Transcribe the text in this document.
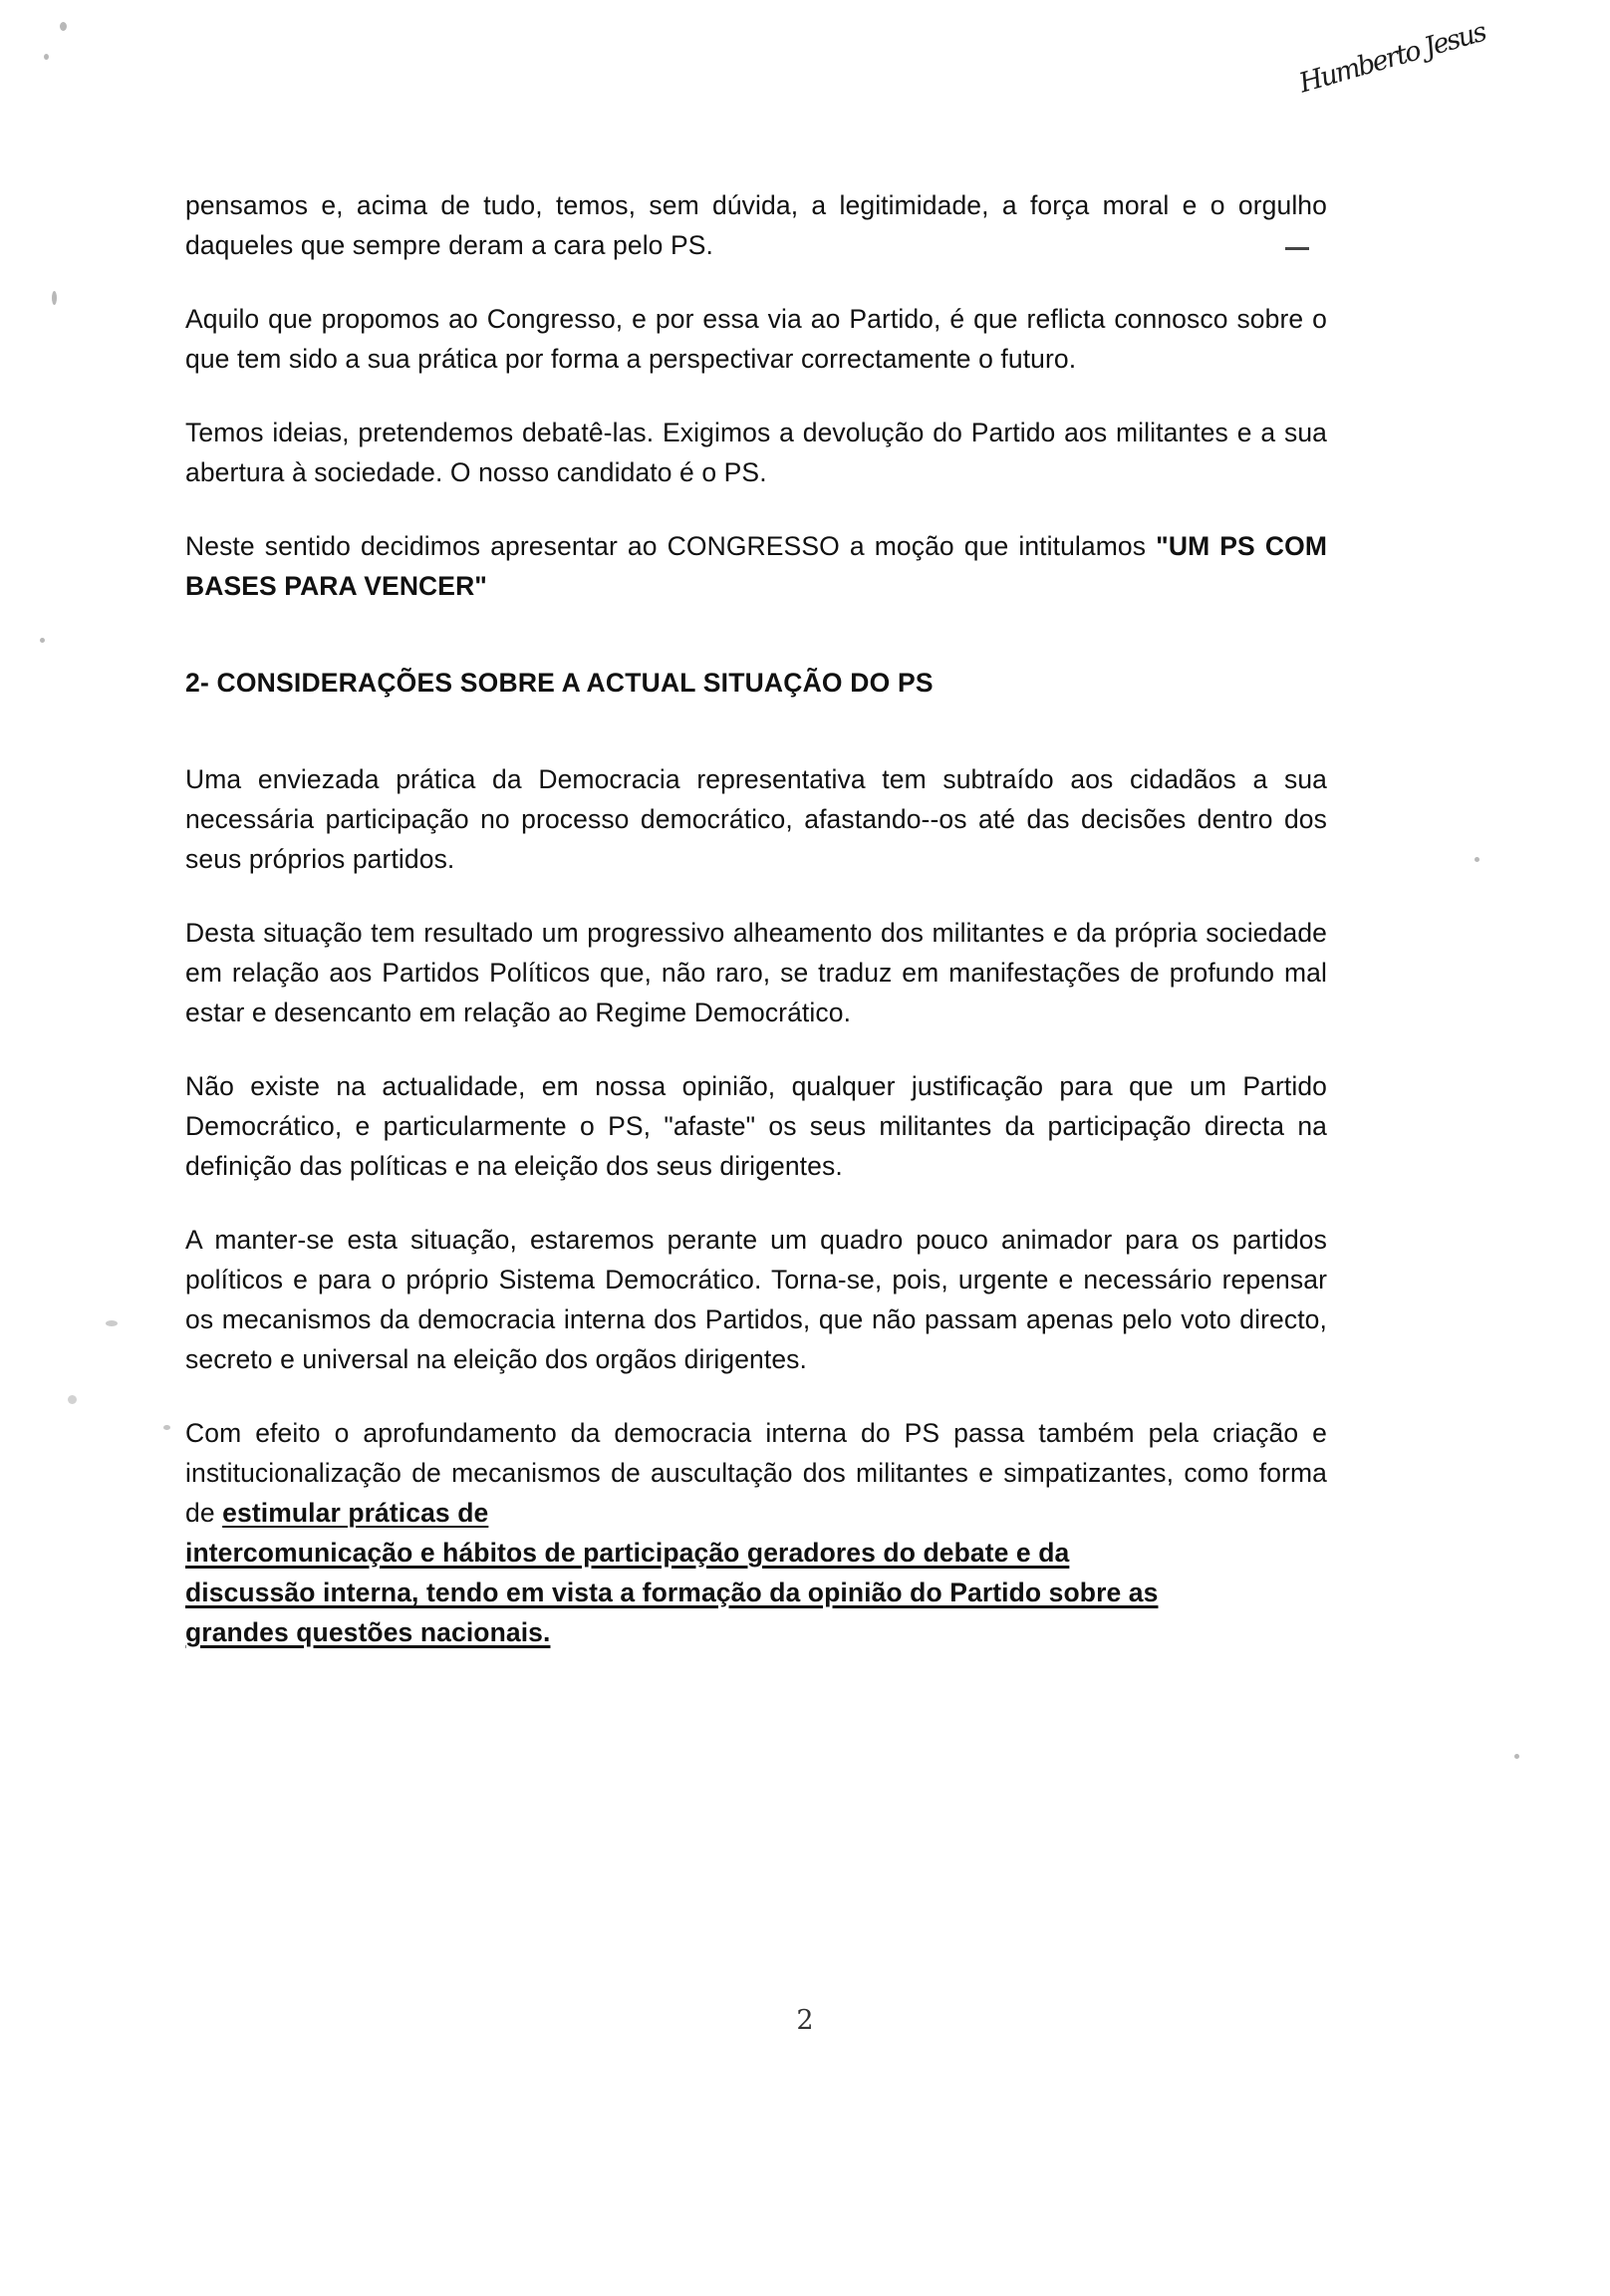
Humberto Jesus

pensamos e, acima de tudo, temos, sem dúvida, a legitimidade, a força moral e o orgulho daqueles que sempre deram a cara pelo PS.

Aquilo que propomos ao Congresso, e por essa via ao Partido, é que reflicta connosco sobre o que tem sido a sua prática por forma a perspectivar correctamente o futuro.

Temos ideias, pretendemos debatê-las. Exigimos a devolução do Partido aos militantes e a sua abertura à sociedade. O nosso candidato é o PS.

Neste sentido decidimos apresentar ao CONGRESSO a moção que intitulamos "UM PS COM BASES PARA VENCER"

2- CONSIDERAÇÕES SOBRE A ACTUAL SITUAÇÃO DO PS

Uma enviezada prática da Democracia representativa tem subtraído aos cidadãos a sua necessária participação no processo democrático, afastando--os até das decisões dentro dos seus próprios partidos.

Desta situação tem resultado um progressivo alheamento dos militantes e da própria sociedade em relação aos Partidos Políticos que, não raro, se traduz em manifestações de profundo mal estar e desencanto em relação ao Regime Democrático.

Não existe na actualidade, em nossa opinião, qualquer justificação para que um Partido Democrático, e particularmente o PS, "afaste" os seus militantes da participação directa na definição das políticas e na eleição dos seus dirigentes.

A manter-se esta situação, estaremos perante um quadro pouco animador para os partidos políticos e para o próprio Sistema Democrático. Torna-se, pois, urgente e necessário repensar os mecanismos da democracia interna dos Partidos, que não passam apenas pelo voto directo, secreto e universal na eleição dos orgãos dirigentes.

Com efeito o aprofundamento da democracia interna do PS passa também pela criação e institucionalização de mecanismos de auscultação dos militantes e simpatizantes, como forma de estimular práticas de

intercomunicação e hábitos de participação geradores do debate e da
discussão interna, tendo em vista a formação da opinião do Partido sobre as
grandes questões nacionais.

2
